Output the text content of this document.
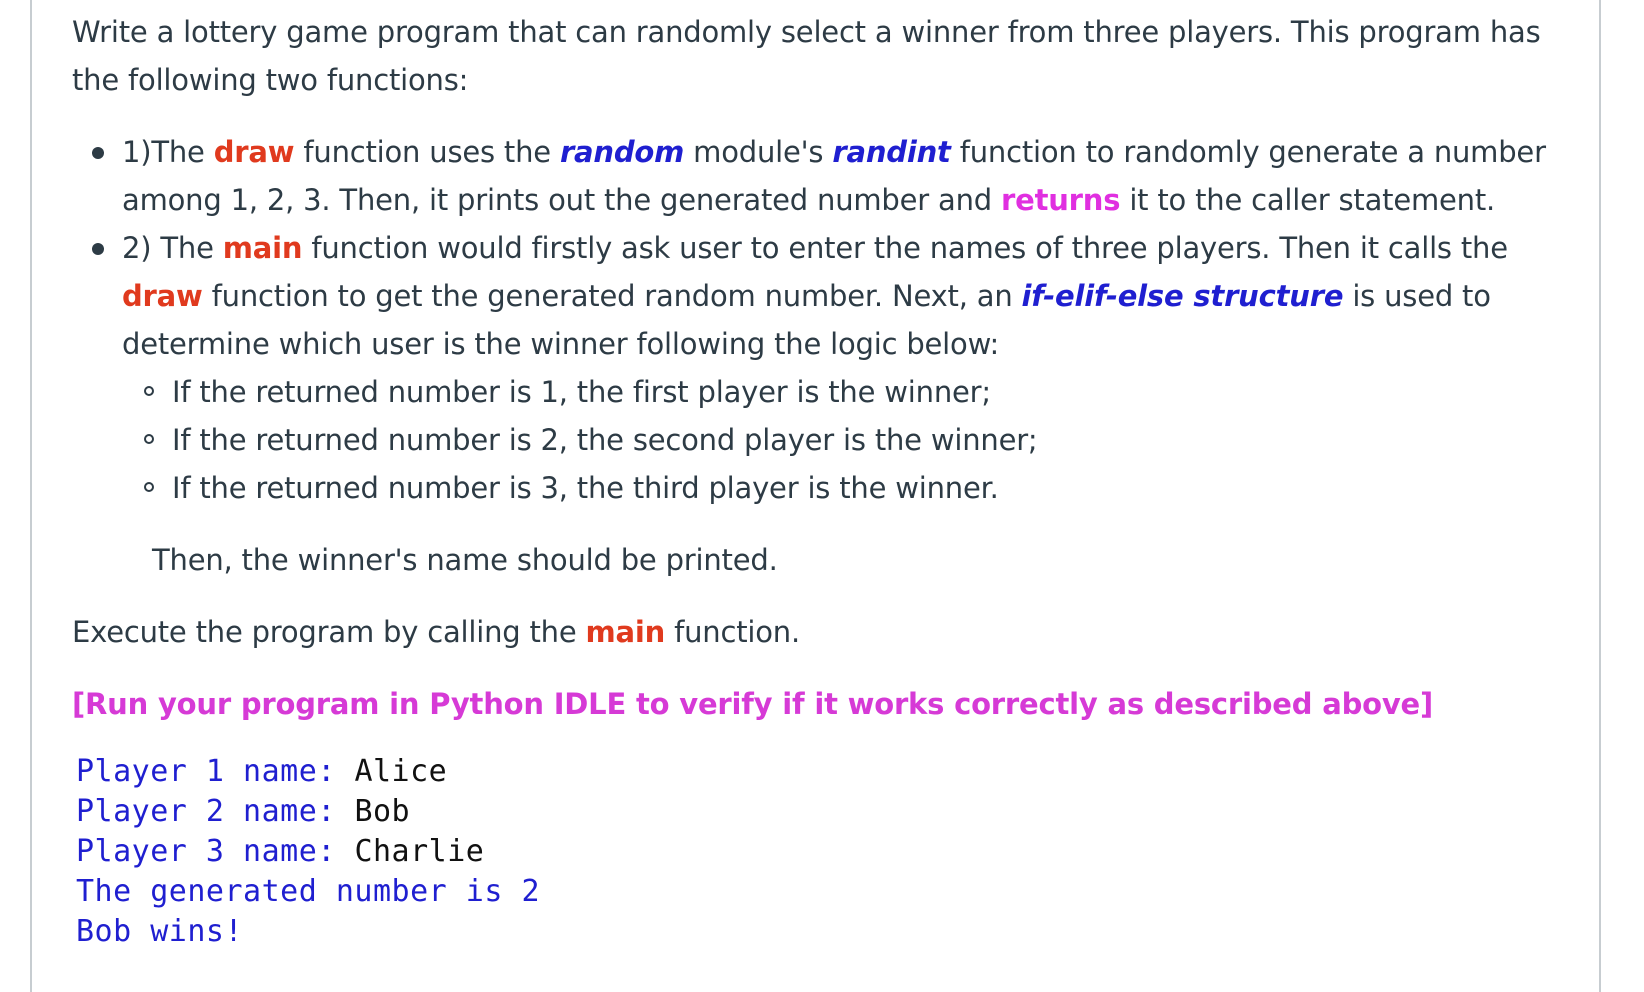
Write a lottery game program that can randomly select a winner from three players. This program has the following two functions:

1)The draw function uses the random module's randint function to randomly generate a number among 1, 2, 3. Then, it prints out the generated number and returns it to the caller statement.
2) The main function would firstly ask user to enter the names of three players. Then it calls the draw function to get the generated random number. Next, an if-elif-else structure is used to determine which user is the winner following the logic below:
If the returned number is 1, the first player is the winner;
If the returned number is 2, the second player is the winner;
If the returned number is 3, the third player is the winner.

Then, the winner's name should be printed.

Execute the program by calling the main function.

[Run your program in Python IDLE to verify if it works correctly as described above]

Player 1 name: Alice
Player 2 name: Bob
Player 3 name: Charlie
The generated number is 2
Bob wins!
